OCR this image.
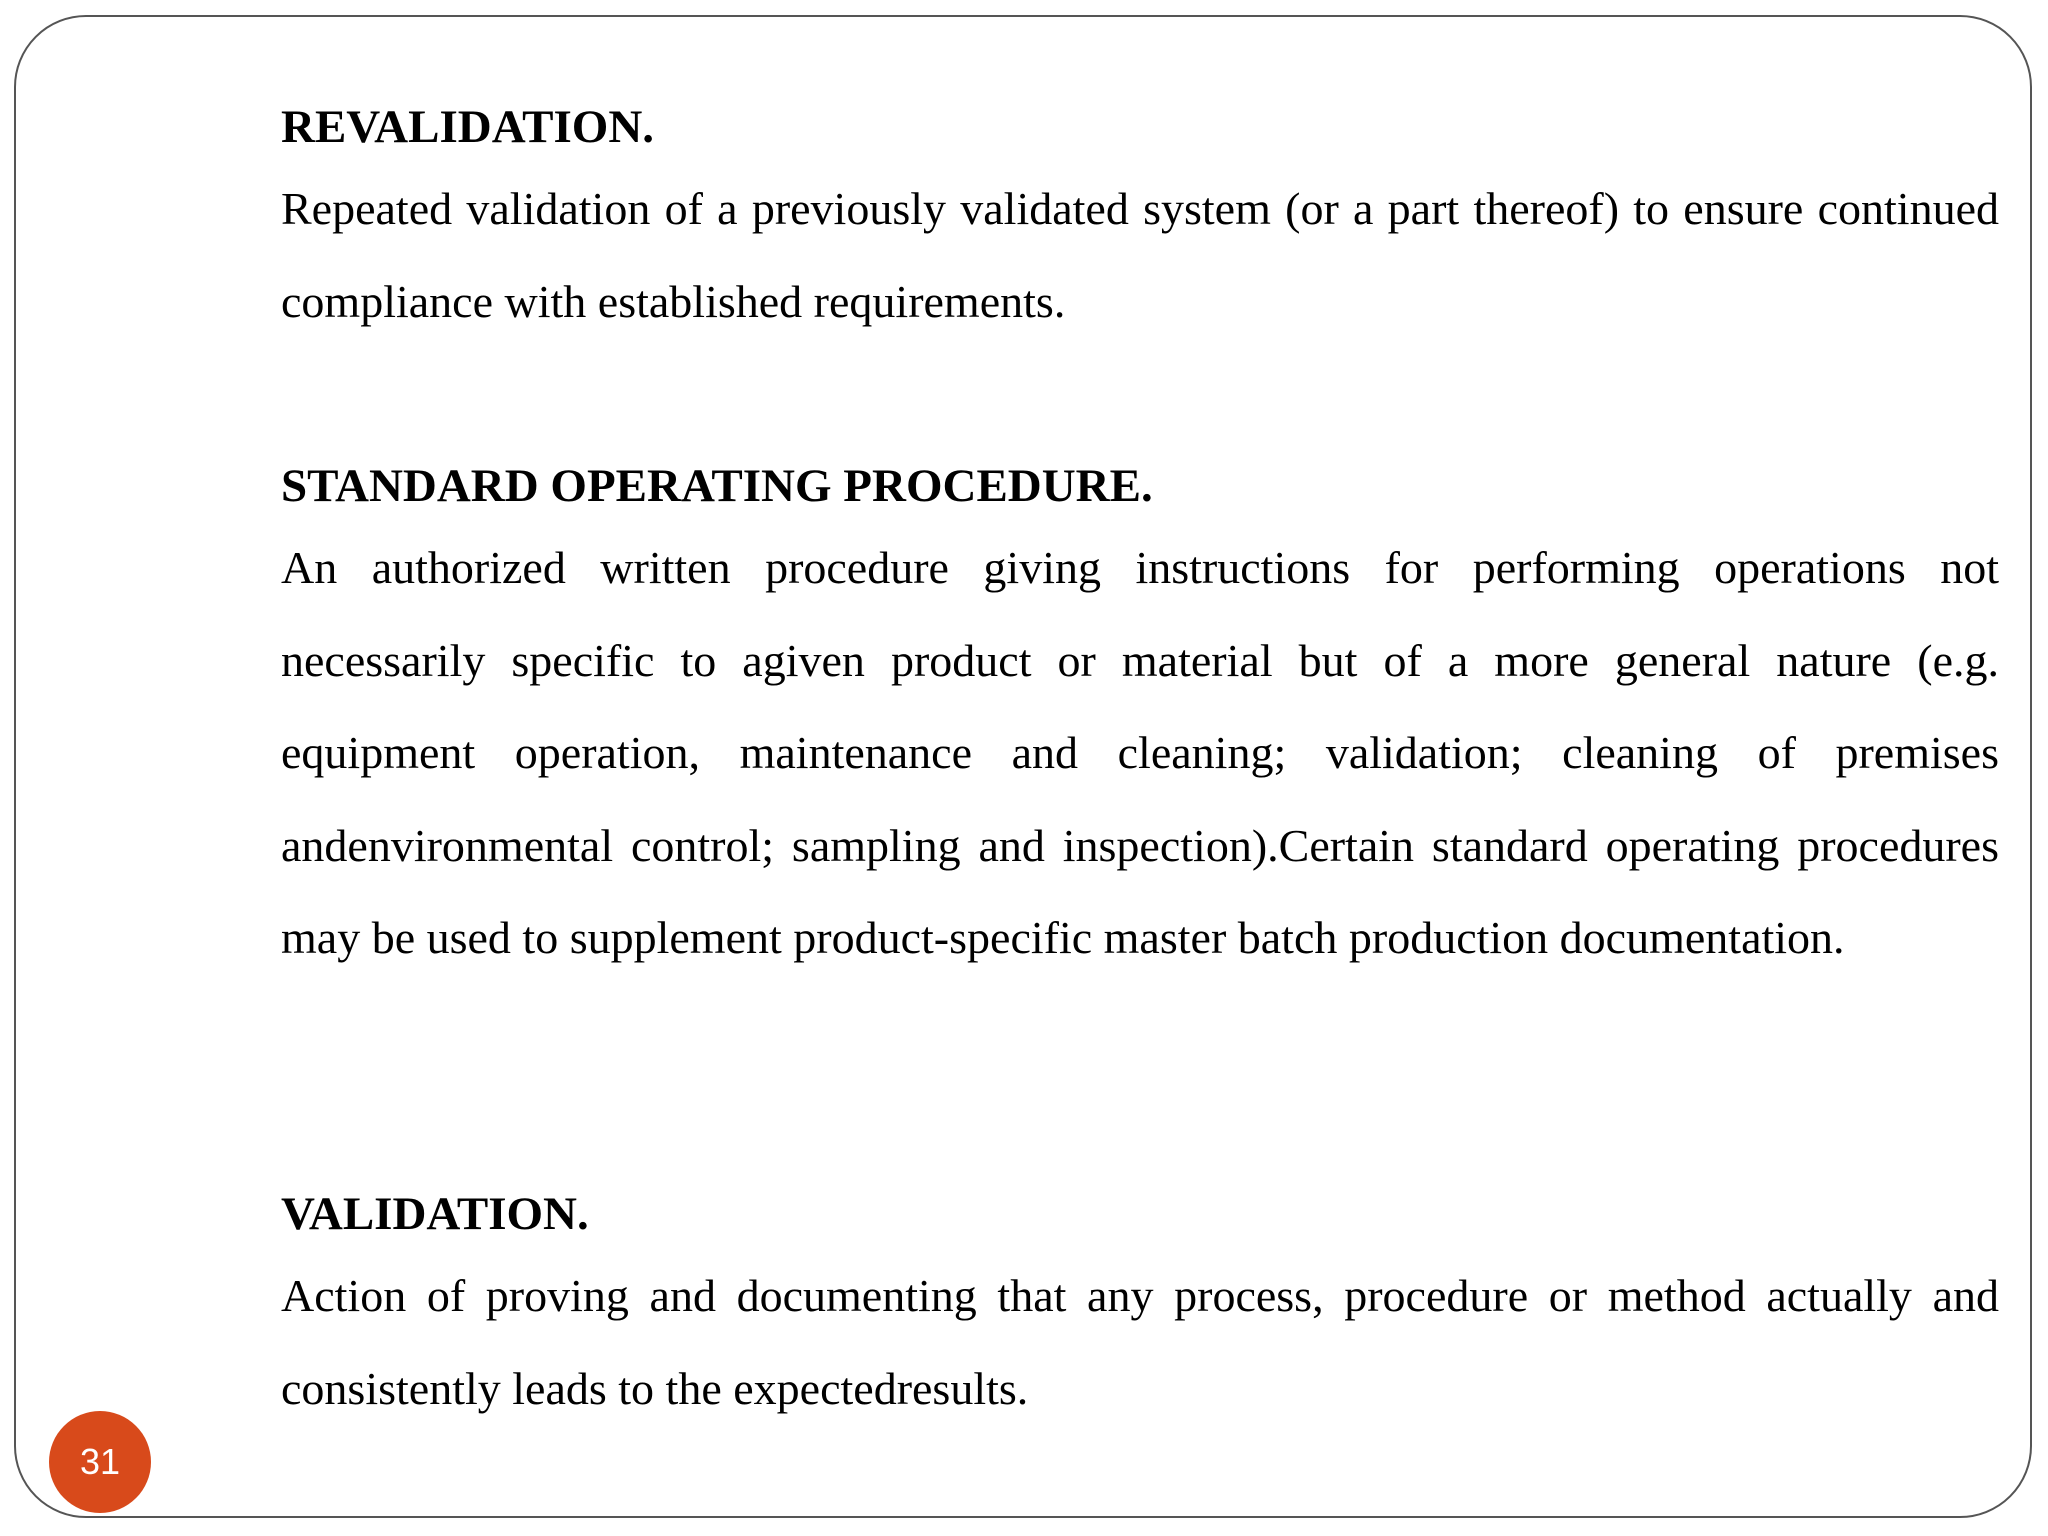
REVALIDATION.

Repeated validation of a previously validated system (or a part thereof) to ensure continued compliance with established requirements.

STANDARD OPERATING PROCEDURE.

An authorized written procedure giving instructions for performing operations not necessarily specific to agiven product or material but of a more general nature (e.g. equipment operation, maintenance and cleaning; validation; cleaning of premises andenvironmental control; sampling and inspection).Certain standard operating procedures may be used to supplement product-specific master batch production documentation.

VALIDATION.

Action of proving and documenting that any process, procedure or method actually and consistently leads to the expectedresults.

31
